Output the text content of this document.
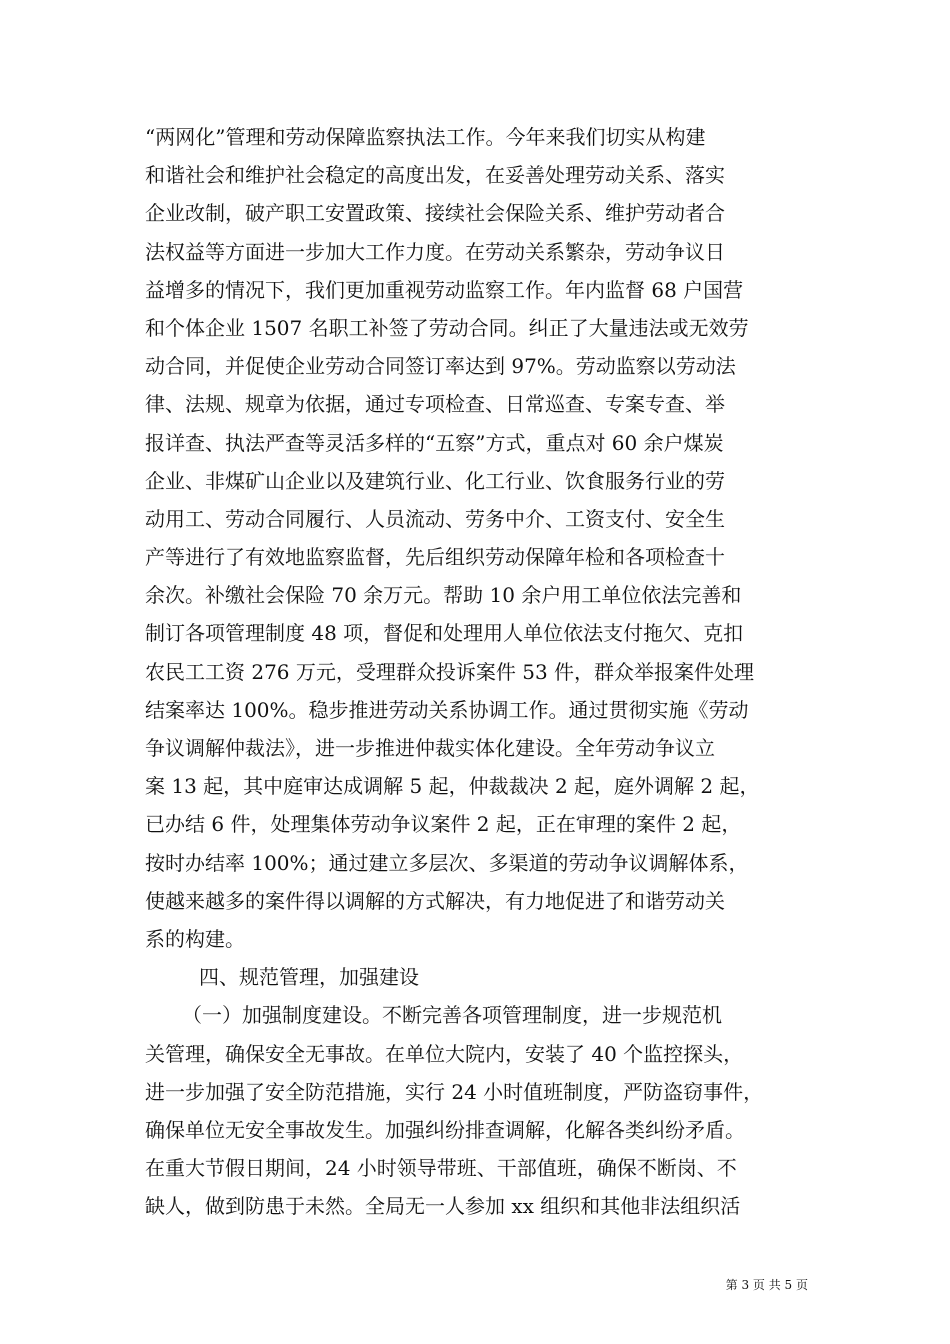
“两网化”管理和劳动保障监察执法工作。今年来我们切实从构建
和谐社会和维护社会稳定的高度出发，在妥善处理劳动关系、落实
企业改制，破产职工安置政策、接续社会保险关系、维护劳动者合
法权益等方面进一步加大工作力度。在劳动关系繁杂，劳动争议日
益增多的情况下，我们更加重视劳动监察工作。年内监督 68 户国营
和个体企业 1507 名职工补签了劳动合同。纠正了大量违法或无效劳
动合同，并促使企业劳动合同签订率达到 97%。劳动监察以劳动法
律、法规、规章为依据，通过专项检查、日常巡查、专案专查、举
报详查、执法严查等灵活多样的“五察”方式，重点对 60 余户煤炭
企业、非煤矿山企业以及建筑行业、化工行业、饮食服务行业的劳
动用工、劳动合同履行、人员流动、劳务中介、工资支付、安全生
产等进行了有效地监察监督，先后组织劳动保障年检和各项检查十
余次。补缴社会保险 70 余万元。帮助 10 余户用工单位依法完善和
制订各项管理制度 48 项，督促和处理用人单位依法支付拖欠、克扣
农民工工资 276 万元，受理群众投诉案件 53 件，群众举报案件处理
结案率达 100%。稳步推进劳动关系协调工作。通过贯彻实施《劳动
争议调解仲裁法》，进一步推进仲裁实体化建设。全年劳动争议立
案 13 起，其中庭审达成调解 5 起，仲裁裁决 2 起，庭外调解 2 起，
已办结 6 件，处理集体劳动争议案件 2 起，正在审理的案件 2 起，
按时办结率 100%；通过建立多层次、多渠道的劳动争议调解体系，
使越来越多的案件得以调解的方式解决，有力地促进了和谐劳动关
系的构建。
四、规范管理，加强建设
（一）加强制度建设。不断完善各项管理制度，进一步规范机
关管理，确保安全无事故。在单位大院内，安装了 40 个监控探头，
进一步加强了安全防范措施，实行 24 小时值班制度，严防盗窃事件，
确保单位无安全事故发生。加强纠纷排查调解，化解各类纠纷矛盾。
在重大节假日期间，24 小时领导带班、干部值班，确保不断岗、不
缺人，做到防患于未然。全局无一人参加 xx 组织和其他非法组织活
第 3 页 共 5 页
